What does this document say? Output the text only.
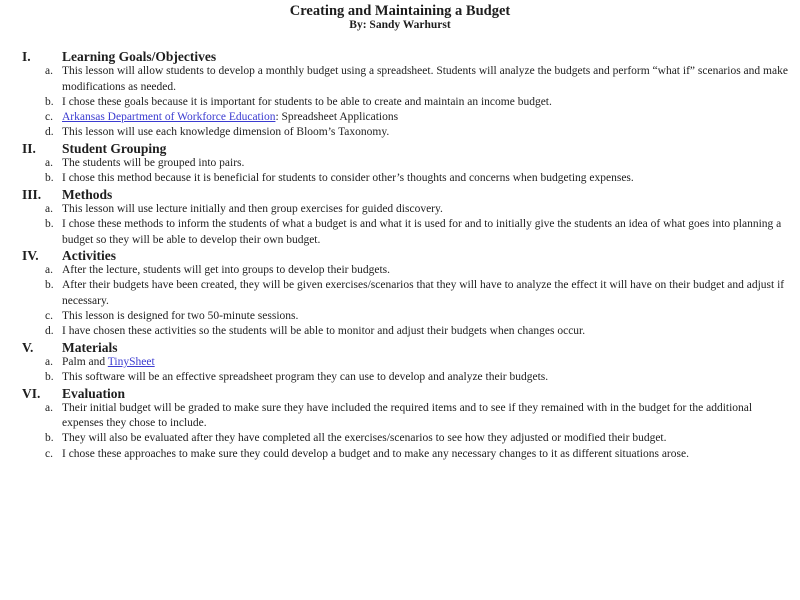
Creating and Maintaining a Budget
By: Sandy Warhurst
I.	Learning Goals/Objectives
a. This lesson will allow students to develop a monthly budget using a spreadsheet. Students will analyze the budgets and perform “what if” scenarios and make modifications as needed.
b. I chose these goals because it is important for students to be able to create and maintain an income budget.
c. Arkansas Department of Workforce Education: Spreadsheet Applications
d. This lesson will use each knowledge dimension of Bloom’s Taxonomy.
II.	Student Grouping
a. The students will be grouped into pairs.
b. I chose this method because it is beneficial for students to consider other’s thoughts and concerns when budgeting expenses.
III.	Methods
a. This lesson will use lecture initially and then group exercises for guided discovery.
b. I chose these methods to inform the students of what a budget is and what it is used for and to initially give the students an idea of what goes into planning a budget so they will be able to develop their own budget.
IV.	Activities
a. After the lecture, students will get into groups to develop their budgets.
b. After their budgets have been created, they will be given exercises/scenarios that they will have to analyze the effect it will have on their budget and adjust if necessary.
c. This lesson is designed for two 50-minute sessions.
d. I have chosen these activities so the students will be able to monitor and adjust their budgets when changes occur.
V.	Materials
a. Palm and TinySheet
b. This software will be an effective spreadsheet program they can use to develop and analyze their budgets.
VI.	Evaluation
a. Their initial budget will be graded to make sure they have included the required items and to see if they remained with in the budget for the additional expenses they chose to include.
b. They will also be evaluated after they have completed all the exercises/scenarios to see how they adjusted or modified their budget.
c. I chose these approaches to make sure they could develop a budget and to make any necessary changes to it as different situations arose.
